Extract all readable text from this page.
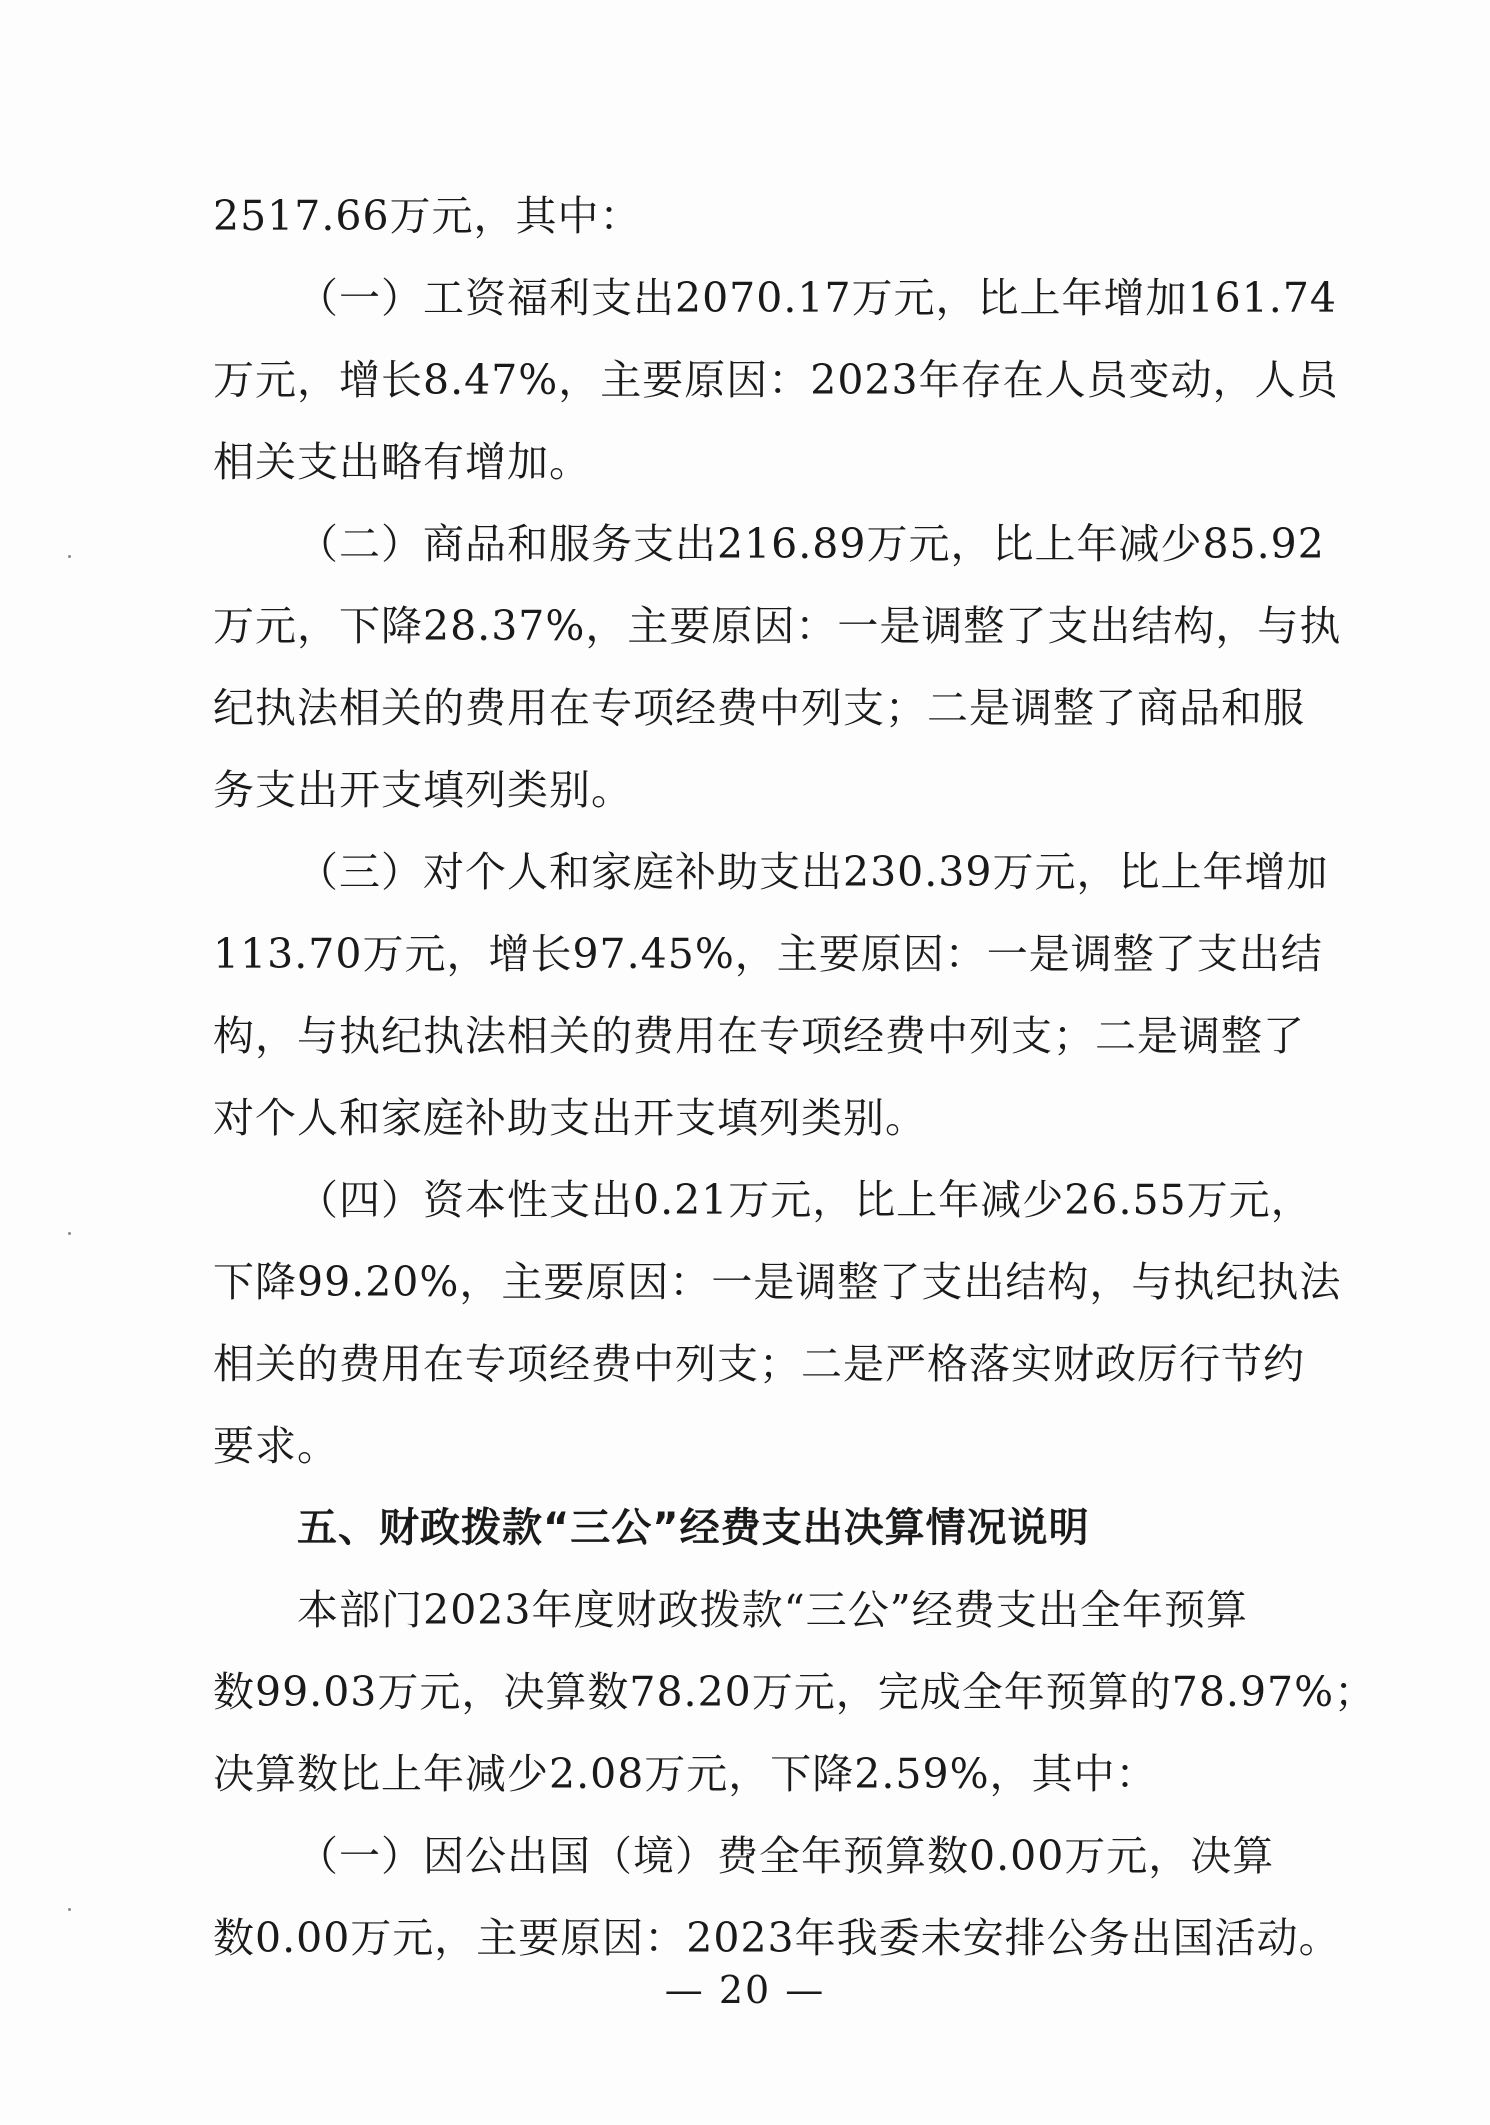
2517.66万元，其中：
（一）工资福利支出2070.17万元，比上年增加161.74
万元，增长8.47%，主要原因：2023年存在人员变动，人员
相关支出略有增加。
（二）商品和服务支出216.89万元，比上年减少85.92
万元，下降28.37%，主要原因：一是调整了支出结构，与执
纪执法相关的费用在专项经费中列支；二是调整了商品和服
务支出开支填列类别。
（三）对个人和家庭补助支出230.39万元，比上年增加
113.70万元，增长97.45%，主要原因：一是调整了支出结
构，与执纪执法相关的费用在专项经费中列支；二是调整了
对个人和家庭补助支出开支填列类别。
（四）资本性支出0.21万元，比上年减少26.55万元，
下降99.20%，主要原因：一是调整了支出结构，与执纪执法
相关的费用在专项经费中列支；二是严格落实财政厉行节约
要求。
五、财政拨款“三公”经费支出决算情况说明
本部门2023年度财政拨款“三公”经费支出全年预算
数99.03万元，决算数78.20万元，完成全年预算的78.97%；
决算数比上年减少2.08万元，下降2.59%，其中：
（一）因公出国（境）费全年预算数0.00万元，决算
数0.00万元，主要原因：2023年我委未安排公务出国活动。
— 20 —
